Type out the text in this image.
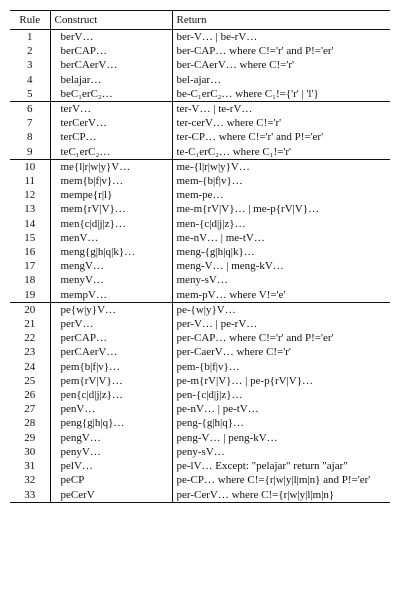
Rule	Construct	Return
1	berV…	ber-V… | be-rV…
2	berCAP…	ber-CAP… where C!='r' and P!='er'
3	berCAerV…	ber-CAerV… where C!='r'
4	belajar…	bel-ajar…
5	beC₁erC₂…	be-C₁erC₂… where C₁!={'r' | 'l'}
6	terV…	ter-V… | te-rV…
7	terCerV…	ter-cerV… where C!='r'
8	terCP…	ter-CP… where C!='r' and P!='er'
9	teC₁erC₂…	te-C₁erC₂… where C₁!='r'
10	me{l|r|w|y}V…	me-{l|r|w|y}V…
11	mem{b|f|v}…	mem-{b|f|v}…
12	mempe{r|l}	mem-pe…
13	mem{rV|V}…	me-m{rV|V}… | me-p{rV|V}…
14	men{c|d|j|z}…	men-{c|d|j|z}…
15	menV…	me-nV… | me-tV…
16	meng{g|h|q|k}…	meng-{g|h|q|k}…
17	mengV…	meng-V… | meng-kV…
18	menyV…	meny-sV…
19	mempV…	mem-pV… where V!='e'
20	pe{w|y}V…	pe-{w|y}V…
21	perV…	per-V… | pe-rV…
22	perCAP…	per-CAP… where C!='r' and P!='er'
23	perCAerV…	per-CaerV… where C!='r'
24	pem{b|f|v}…	pem-{b|f|v}…
25	pem{rV|V}…	pe-m{rV|V}… | pe-p{rV|V}…
26	pen{c|d|j|z}…	pen-{c|d|j|z}…
27	penV…	pe-nV… | pe-tV…
28	peng{g|h|q}…	peng-{g|h|q}…
29	pengV…	peng-V… | peng-kV…
30	penyV…	peny-sV…
31	pelV…	pe-lV… Except: "pelajar" return "ajar"
32	peCP	pe-CP… where C!={r|w|y|l|m|n} and P!='er'
33	peCerV	per-CerV… where C!={r|w|y|l|m|n}
